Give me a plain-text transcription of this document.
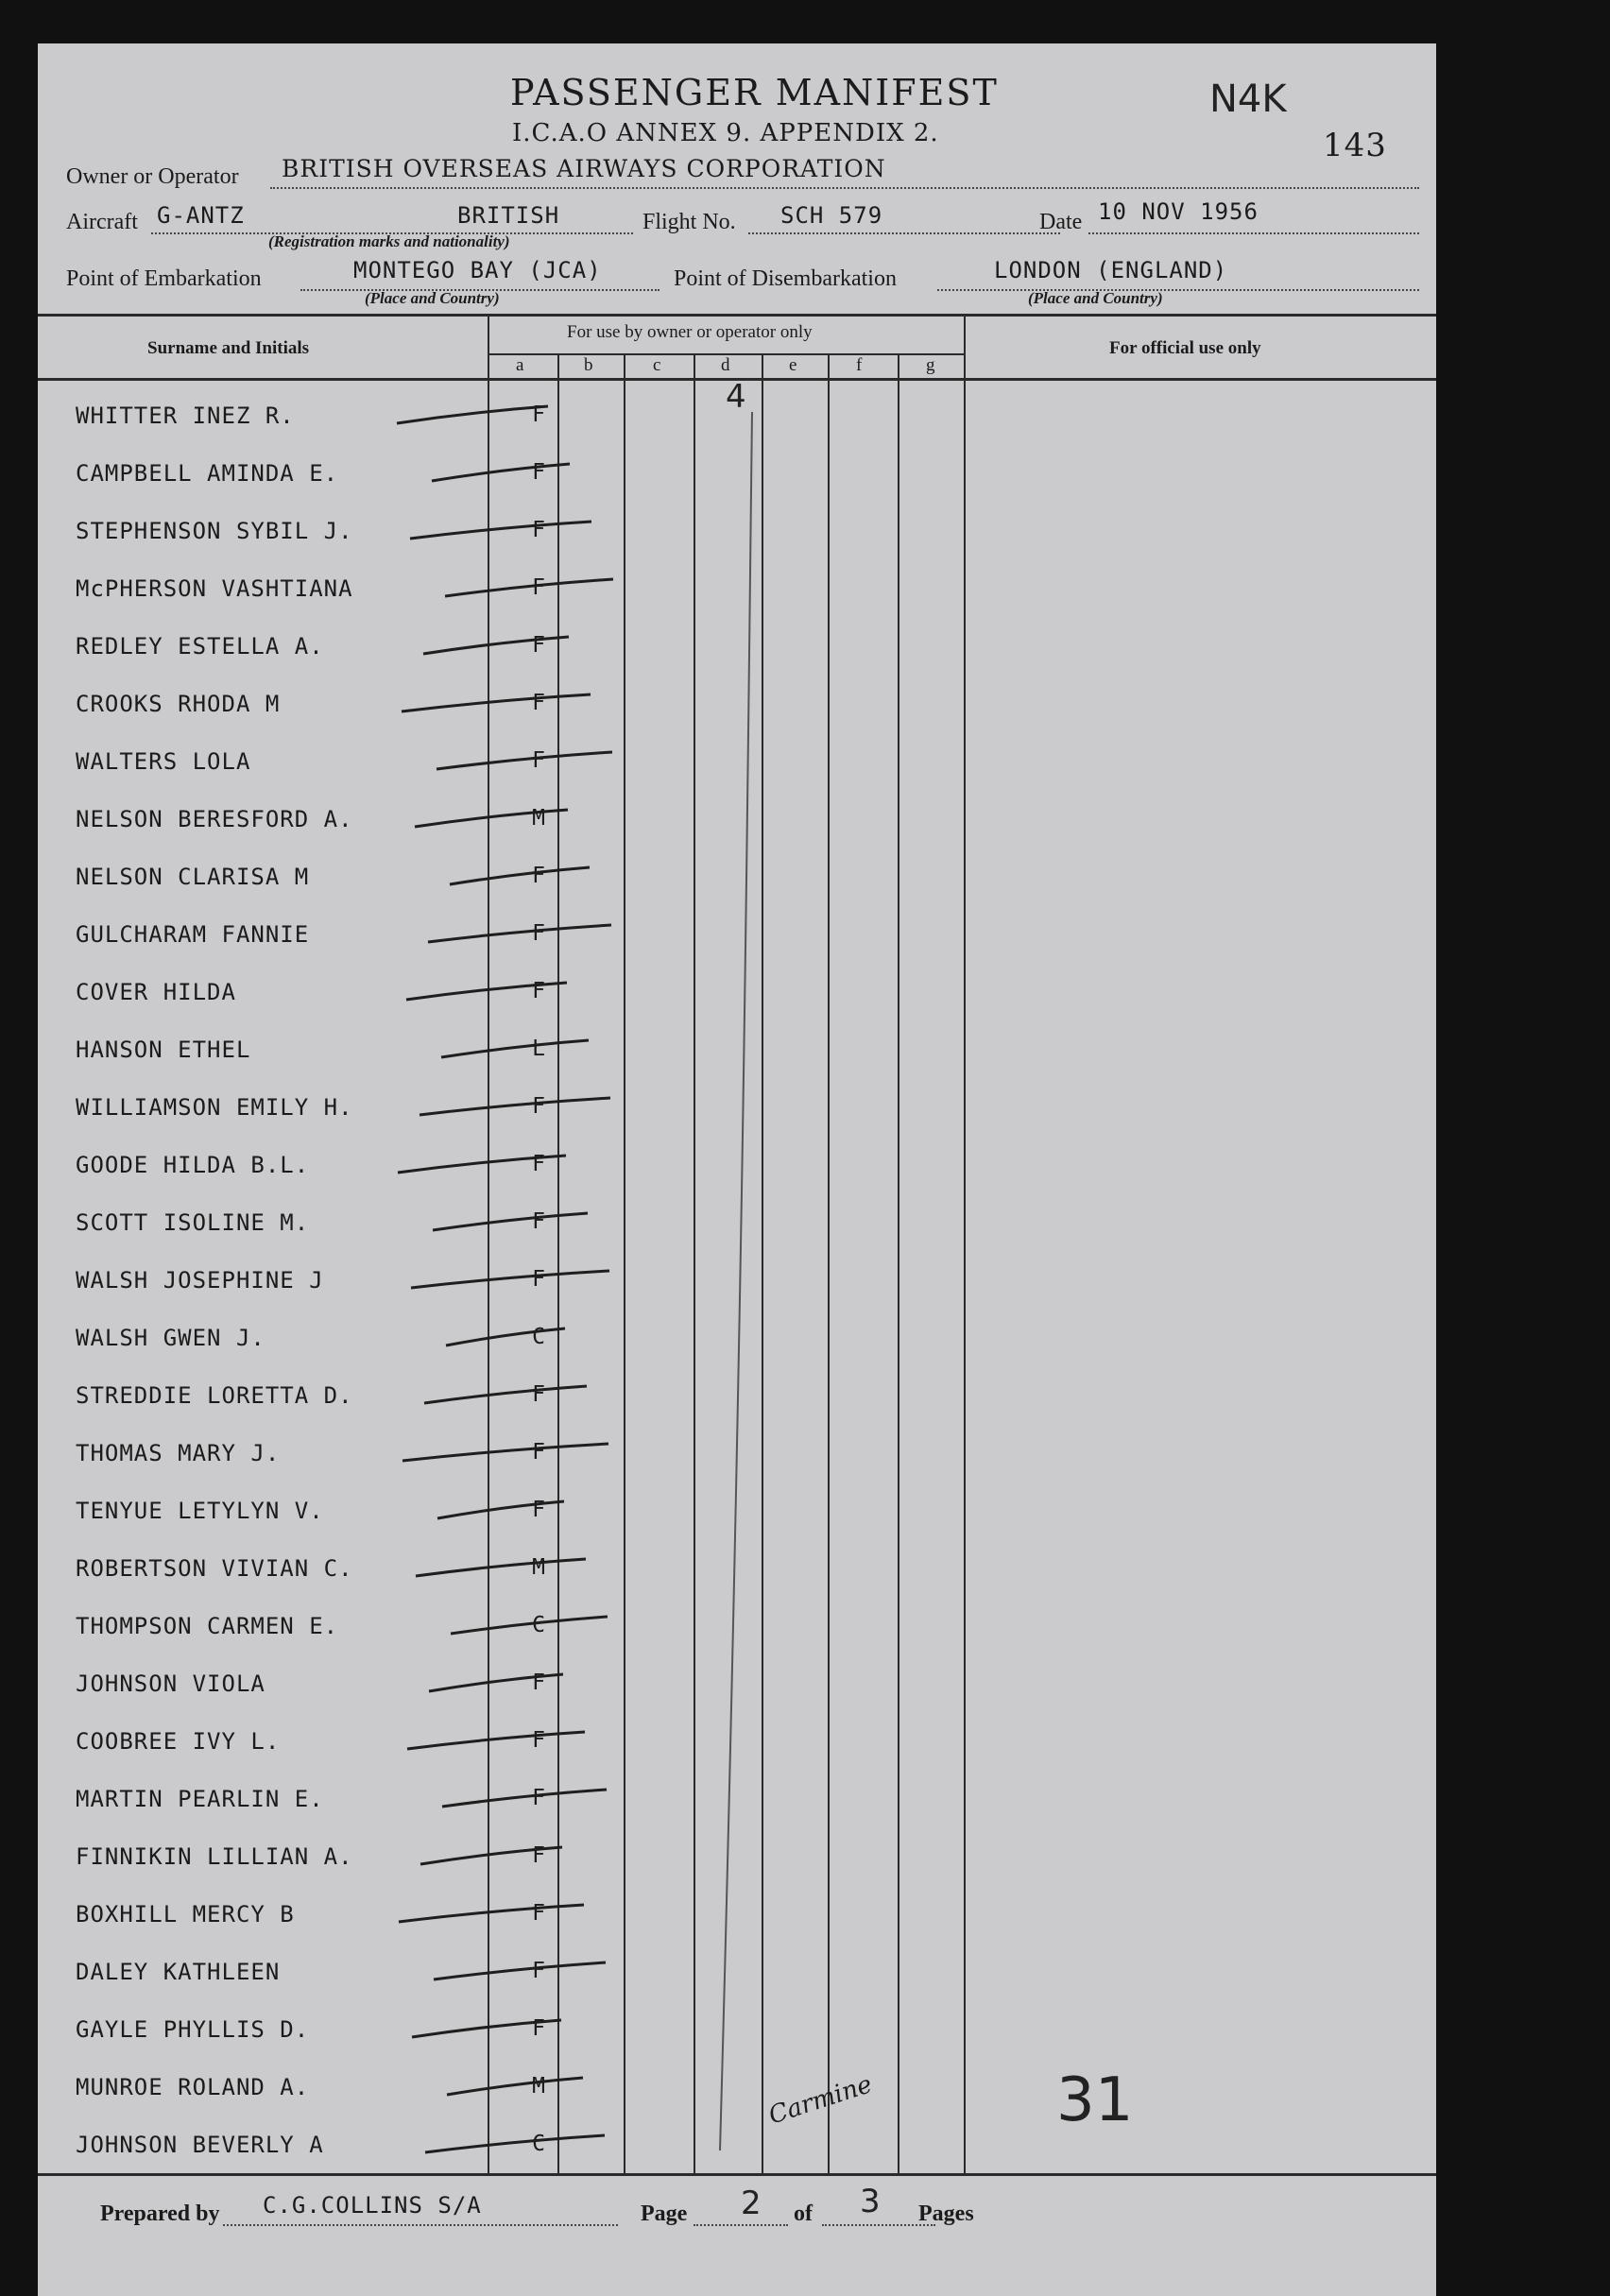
PASSENGER MANIFEST
I.C.A.O ANNEX 9. APPENDIX 2.
N4K
143
Owner or Operator BRITISH OVERSEAS AIRWAYS CORPORATION
Aircraft G-ANTZ	BRITISH
(Registration marks and nationality)
Flight No. SCH 579	Date 10 NOV 1956
Point of Embarkation	MONTEGO BAY (JCA)
(Place and Country)
Point of Disembarkation	LONDON (ENGLAND)
(Place and Country)
For use by owner or operator only
Surname and Initials	For official use only
a	b	c	d	e	f	g
WHITTER INEZ R.	F
CAMPBELL AMINDA E.	F
STEPHENSON SYBIL J.	F
McPHERSON VASHTIANA	F
REDLEY ESTELLA A.	F
CROOKS RHODA M	F
WALTERS LOLA	F
NELSON BERESFORD A.	M
NELSON CLARISA M	F
GULCHARAM FANNIE	F
COVER HILDA	F
HANSON ETHEL	L
WILLIAMSON EMILY H.	F
GOODE HILDA B.L.	F
SCOTT ISOLINE M.	F
WALSH JOSEPHINE J	F
WALSH GWEN J.	C
STREDDIE LORETTA D.	F
THOMAS MARY J.	F
TENYUE LETYLYN V.	F
ROBERTSON VIVIAN C.	M
THOMPSON CARMEN E.	C
JOHNSON VIOLA	F
COOBREE IVY L.	F
MARTIN PEARLIN E.	F
FINNIKIN LILLIAN A.	F
BOXHILL MERCY B	F
DALEY KATHLEEN	F
GAYLE PHYLLIS D.	F
MUNROE ROLAND A.	M
JOHNSON BEVERLY A	C
4
31
Carmine
Prepared by C.G.COLLINS S/A	Page 2 of 3 Pages
